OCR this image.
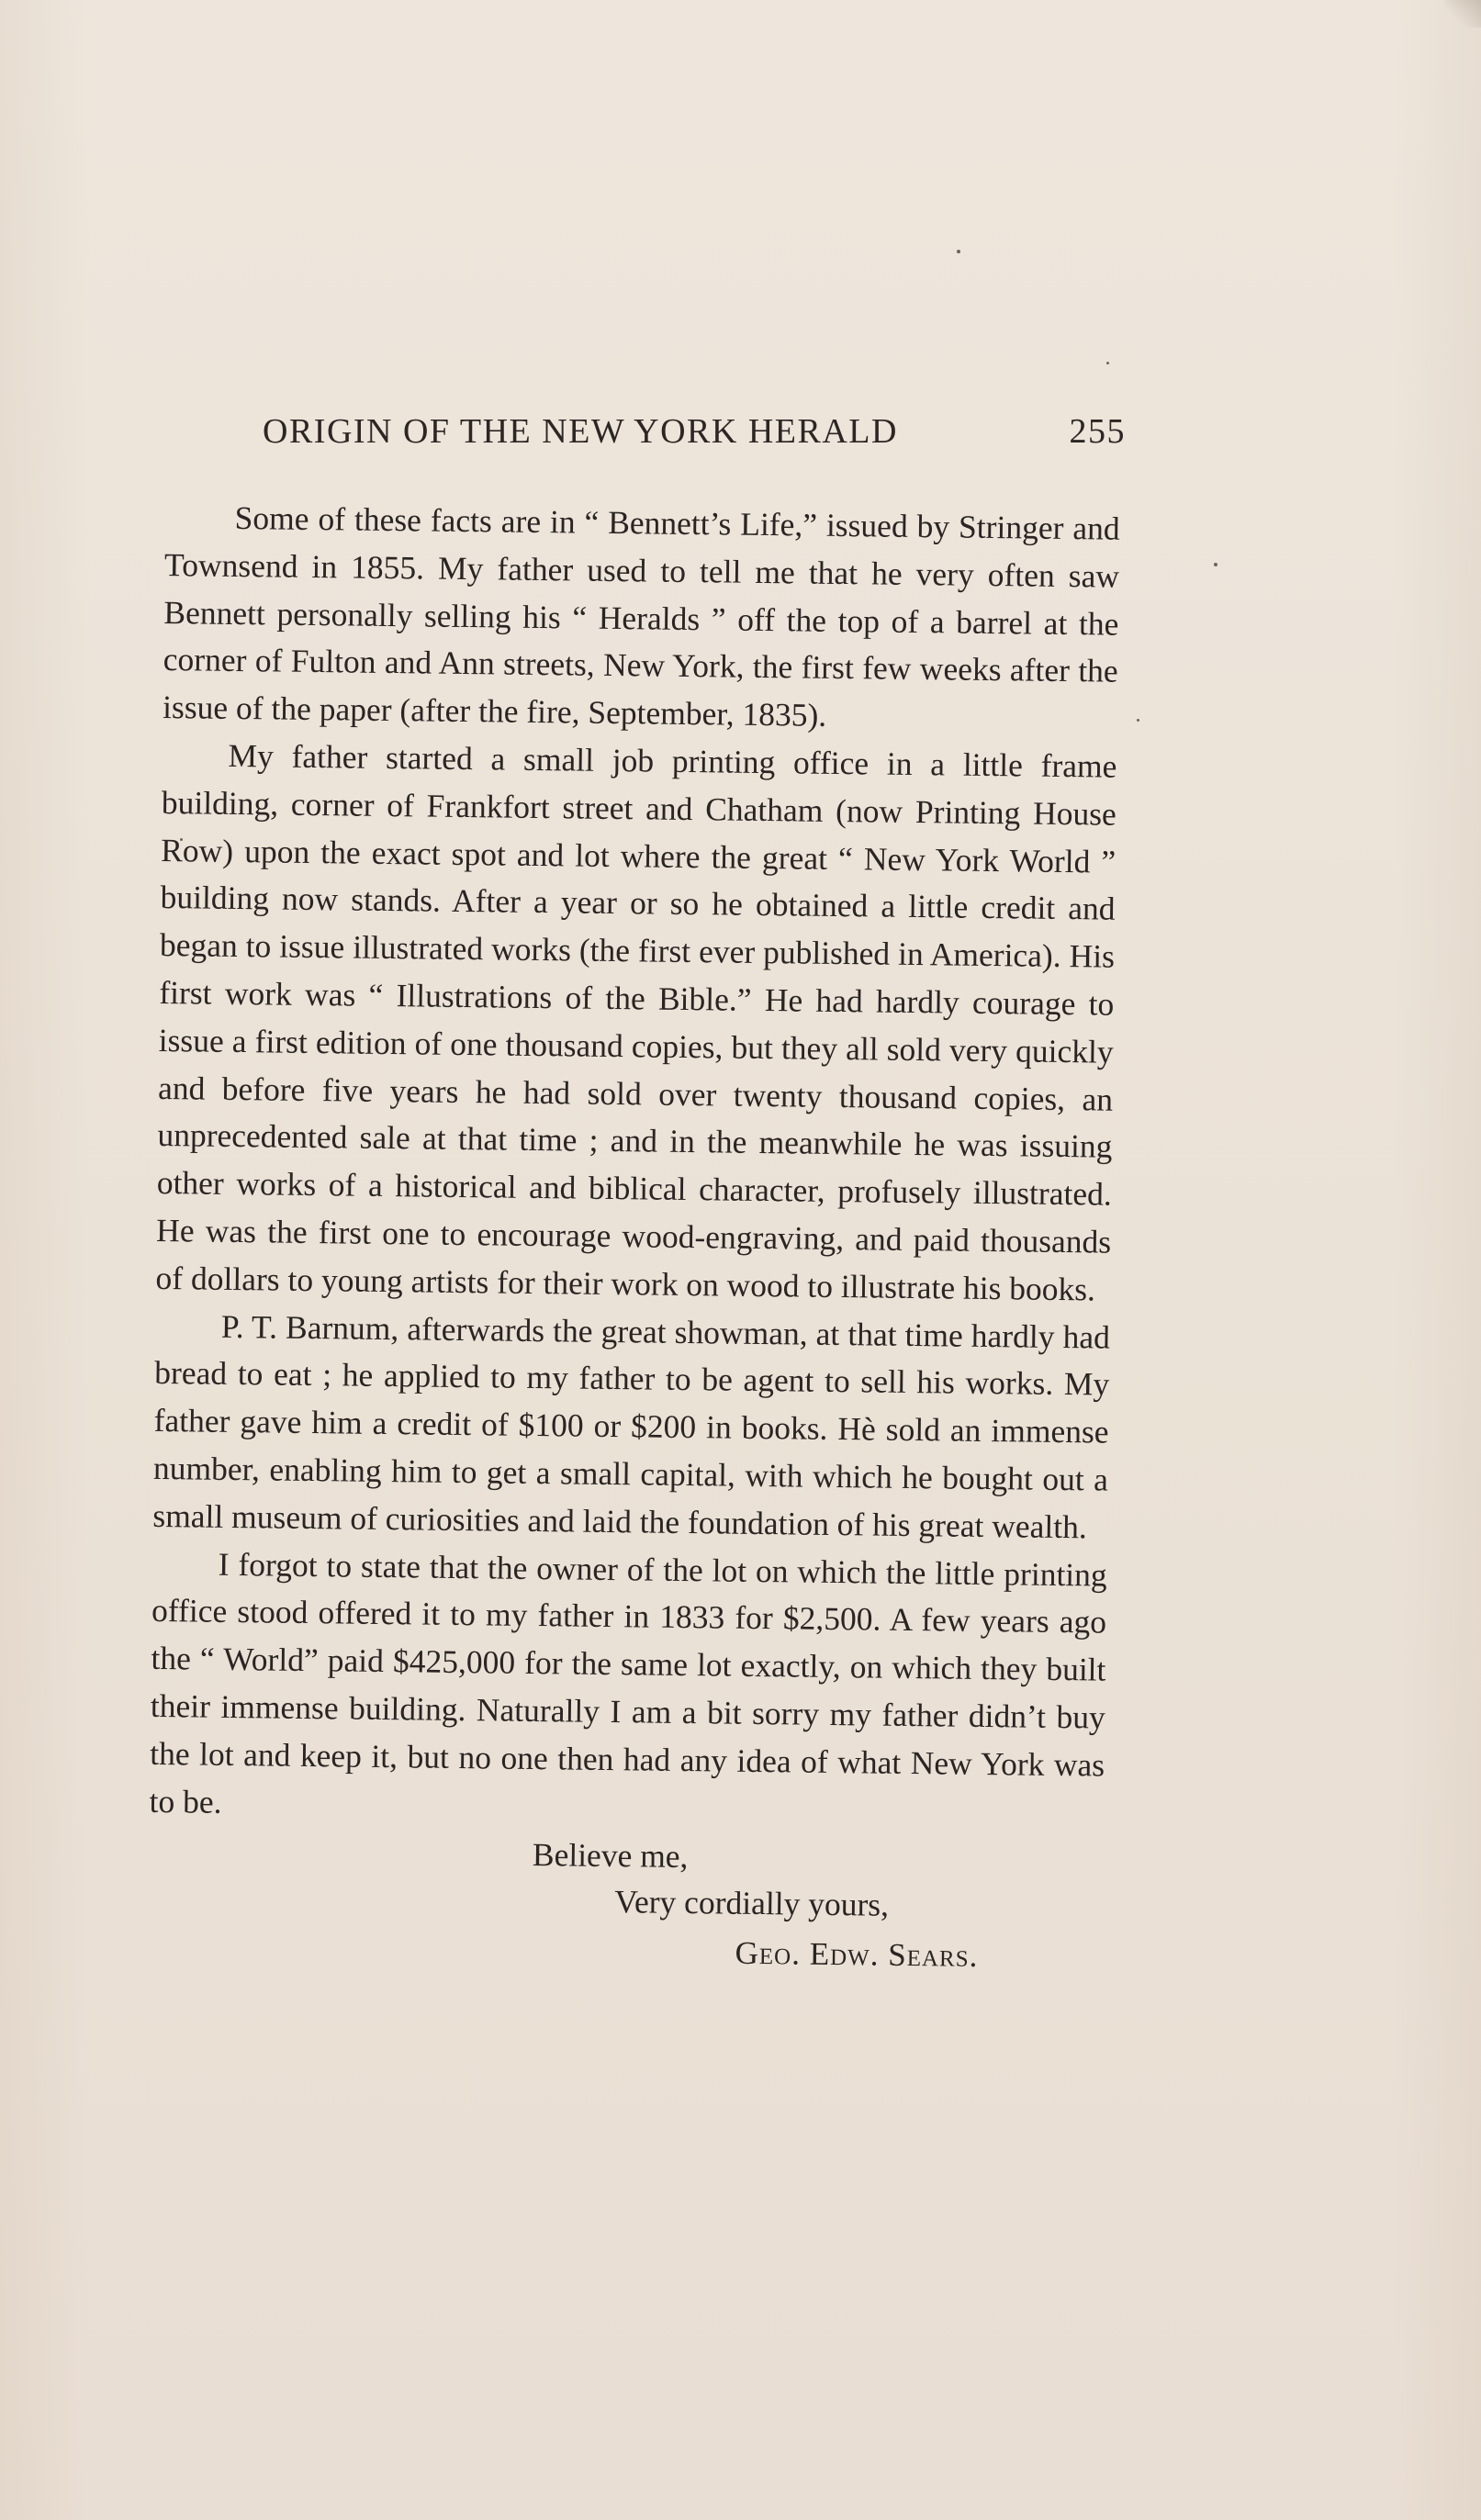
ORIGIN OF THE NEW YORK HERALD	255

Some of these facts are in “ Bennett’s Life,” issued by Stringer and Townsend in 1855. My father used to tell me that he very often saw Bennett personally selling his “ Heralds ” off the top of a barrel at the corner of Fulton and Ann streets, New York, the first few weeks after the issue of the paper (after the fire, September, 1835).

My father started a small job printing office in a little frame building, corner of Frankfort street and Chatham (now Printing House Row) upon the exact spot and lot where the great “ New York World ” building now stands. After a year or so he obtained a little credit and began to issue illustrated works (the first ever published in America). His first work was “ Illustrations of the Bible.” He had hardly courage to issue a first edition of one thousand copies, but they all sold very quickly and before five years he had sold over twenty thousand copies, an unprecedented sale at that time ; and in the meanwhile he was issuing other works of a historical and biblical character, profusely illustrated. He was the first one to encourage wood-engraving, and paid thousands of dollars to young artists for their work on wood to illustrate his books.

P. T. Barnum, afterwards the great showman, at that time hardly had bread to eat ; he applied to my father to be agent to sell his works. My father gave him a credit of $100 or $200 in books. Hè sold an immense number, enabling him to get a small capital, with which he bought out a small museum of curiosities and laid the foundation of his great wealth.

I forgot to state that the owner of the lot on which the little printing office stood offered it to my father in 1833 for $2,500. A few years ago the “ World” paid $425,000 for the same lot exactly, on which they built their immense building. Naturally I am a bit sorry my father didn’t buy the lot and keep it, but no one then had any idea of what New York was to be.

Believe me,
Very cordially yours,
Geo. Edw. Sears.
